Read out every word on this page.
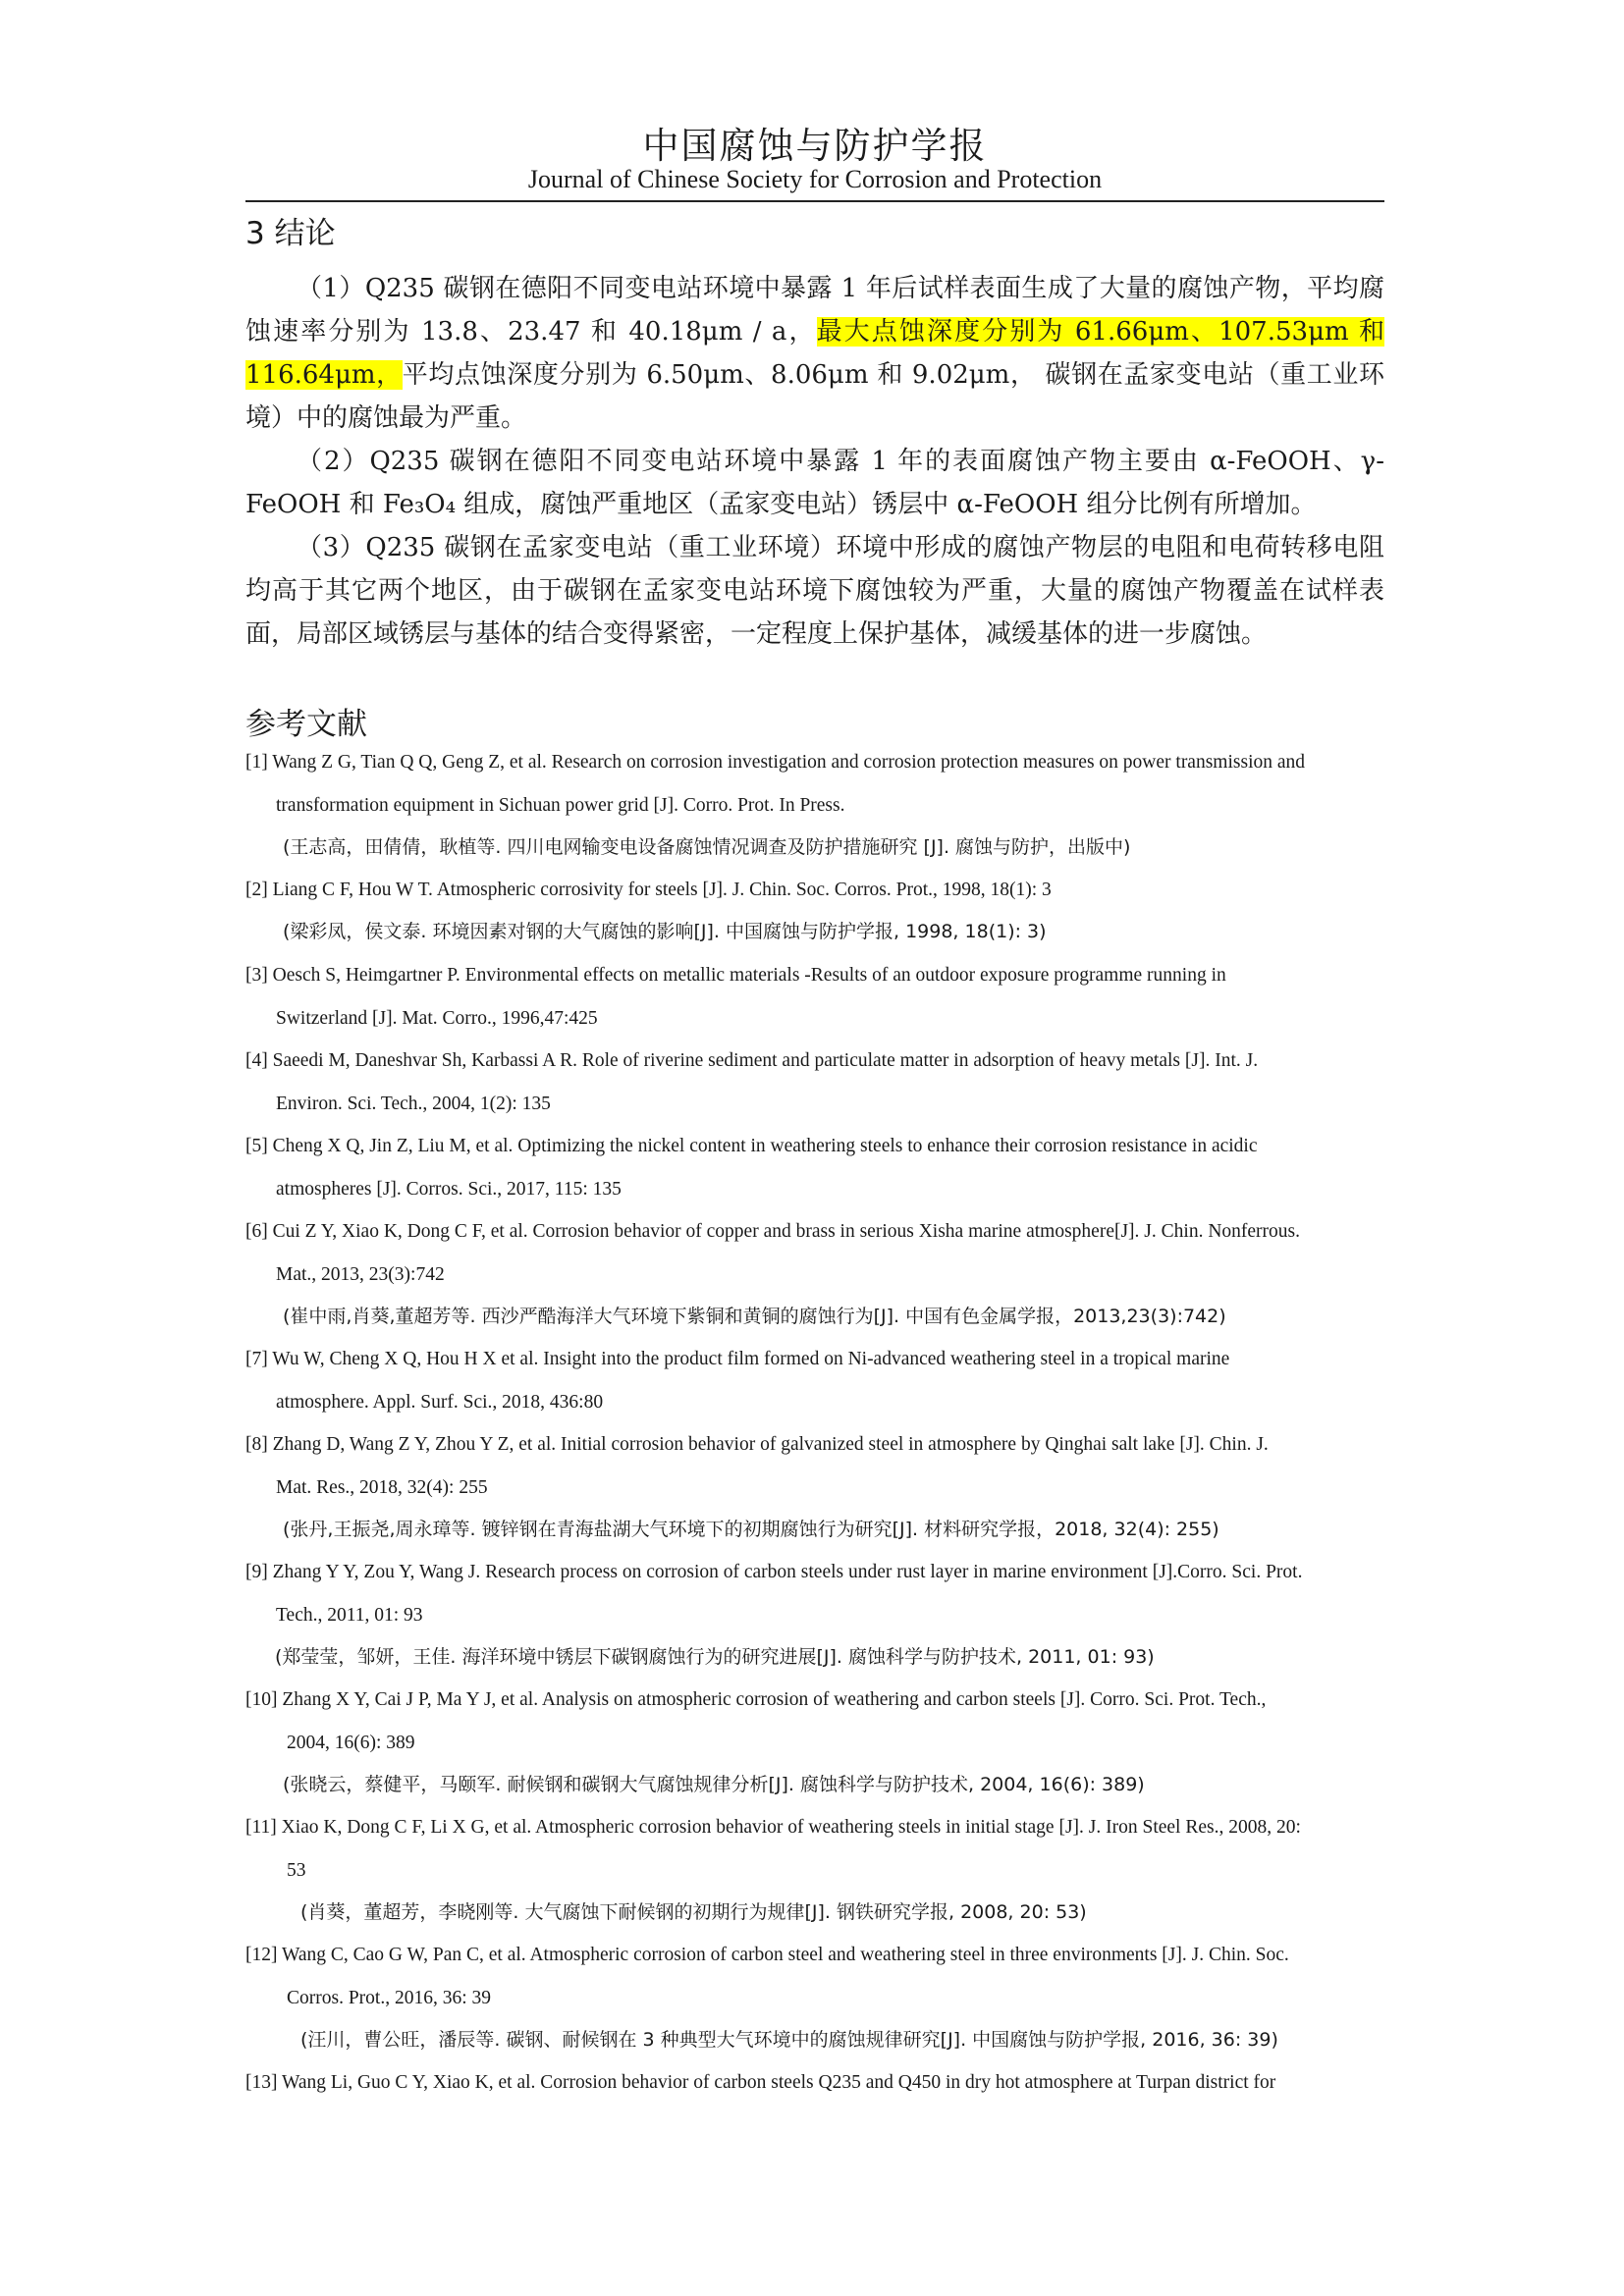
中国腐蚀与防护学报
Journal of Chinese Society for Corrosion and Protection
3 结论
（1）Q235 碳钢在德阳不同变电站环境中暴露 1 年后试样表面生成了大量的腐蚀产物，平均腐蚀速率分别为 13.8、23.47 和 40.18μm / a，最大点蚀深度分别为 61.66μm、107.53μm 和 116.64μm，平均点蚀深度分别为 6.50μm、8.06μm 和 9.02μm， 碳钢在孟家变电站（重工业环境）中的腐蚀最为严重。
（2）Q235 碳钢在德阳不同变电站环境中暴露 1 年的表面腐蚀产物主要由 α-FeOOH、γ-FeOOH 和 Fe₃O₄ 组成，腐蚀严重地区（孟家变电站）锈层中 α-FeOOH 组分比例有所增加。
（3）Q235 碳钢在孟家变电站（重工业环境）环境中形成的腐蚀产物层的电阻和电荷转移电阻均高于其它两个地区，由于碳钢在孟家变电站环境下腐蚀较为严重，大量的腐蚀产物覆盖在试样表面，局部区域锈层与基体的结合变得紧密，一定程度上保护基体，减缓基体的进一步腐蚀。
参考文献
[1] Wang Z G, Tian Q Q, Geng Z, et al. Research on corrosion investigation and corrosion protection measures on power transmission and
transformation equipment in Sichuan power grid [J]. Corro. Prot. In Press.
(王志高，田倩倩，耿植等. 四川电网输变电设备腐蚀情况调查及防护措施研究 [J]. 腐蚀与防护，出版中)
[2] Liang C F, Hou W T. Atmospheric corrosivity for steels [J]. J. Chin. Soc. Corros. Prot., 1998, 18(1): 3
(梁彩凤，侯文泰. 环境因素对钢的大气腐蚀的影响[J]. 中国腐蚀与防护学报, 1998, 18(1): 3)
[3] Oesch S, Heimgartner P. Environmental effects on metallic materials -Results of an outdoor exposure programme running in
Switzerland [J]. Mat. Corro., 1996,47:425
[4] Saeedi M, Daneshvar Sh, Karbassi A R. Role of riverine sediment and particulate matter in adsorption of heavy metals [J]. Int. J.
Environ. Sci. Tech., 2004, 1(2): 135
[5] Cheng X Q, Jin Z, Liu M, et al. Optimizing the nickel content in weathering steels to enhance their corrosion resistance in acidic
atmospheres [J]. Corros. Sci., 2017, 115: 135
[6] Cui Z Y, Xiao K, Dong C F, et al. Corrosion behavior of copper and brass in serious Xisha marine atmosphere[J]. J. Chin. Nonferrous.
Mat., 2013, 23(3):742
(崔中雨,肖葵,董超芳等. 西沙严酷海洋大气环境下紫铜和黄铜的腐蚀行为[J]. 中国有色金属学报，2013,23(3):742)
[7] Wu W, Cheng X Q, Hou H X et al. Insight into the product film formed on Ni-advanced weathering steel in a tropical marine
atmosphere. Appl. Surf. Sci., 2018, 436:80
[8] Zhang D, Wang Z Y, Zhou Y Z, et al. Initial corrosion behavior of galvanized steel in atmosphere by Qinghai salt lake [J]. Chin. J.
Mat. Res., 2018, 32(4): 255
(张丹,王振尧,周永璋等. 镀锌钢在青海盐湖大气环境下的初期腐蚀行为研究[J]. 材料研究学报，2018, 32(4): 255)
[9] Zhang Y Y, Zou Y, Wang J. Research process on corrosion of carbon steels under rust layer in marine environment [J].Corro. Sci. Prot.
Tech., 2011, 01: 93
(郑莹莹，邹妍，王佳. 海洋环境中锈层下碳钢腐蚀行为的研究进展[J]. 腐蚀科学与防护技术, 2011, 01: 93)
[10] Zhang X Y, Cai J P, Ma Y J, et al. Analysis on atmospheric corrosion of weathering and carbon steels [J]. Corro. Sci. Prot. Tech.,
2004, 16(6): 389
(张晓云，蔡健平，马颐军. 耐候钢和碳钢大气腐蚀规律分析[J]. 腐蚀科学与防护技术, 2004, 16(6): 389)
[11] Xiao K, Dong C F, Li X G, et al. Atmospheric corrosion behavior of weathering steels in initial stage [J]. J. Iron Steel Res., 2008, 20:
53
(肖葵，董超芳，李晓刚等. 大气腐蚀下耐候钢的初期行为规律[J]. 钢铁研究学报, 2008, 20: 53)
[12] Wang C, Cao G W, Pan C, et al. Atmospheric corrosion of carbon steel and weathering steel in three environments [J]. J. Chin. Soc.
Corros. Prot., 2016, 36: 39
(汪川，曹公旺，潘辰等. 碳钢、耐候钢在 3 种典型大气环境中的腐蚀规律研究[J]. 中国腐蚀与防护学报, 2016, 36: 39)
[13] Wang Li, Guo C Y, Xiao K, et al. Corrosion behavior of carbon steels Q235 and Q450 in dry hot atmosphere at Turpan district for
